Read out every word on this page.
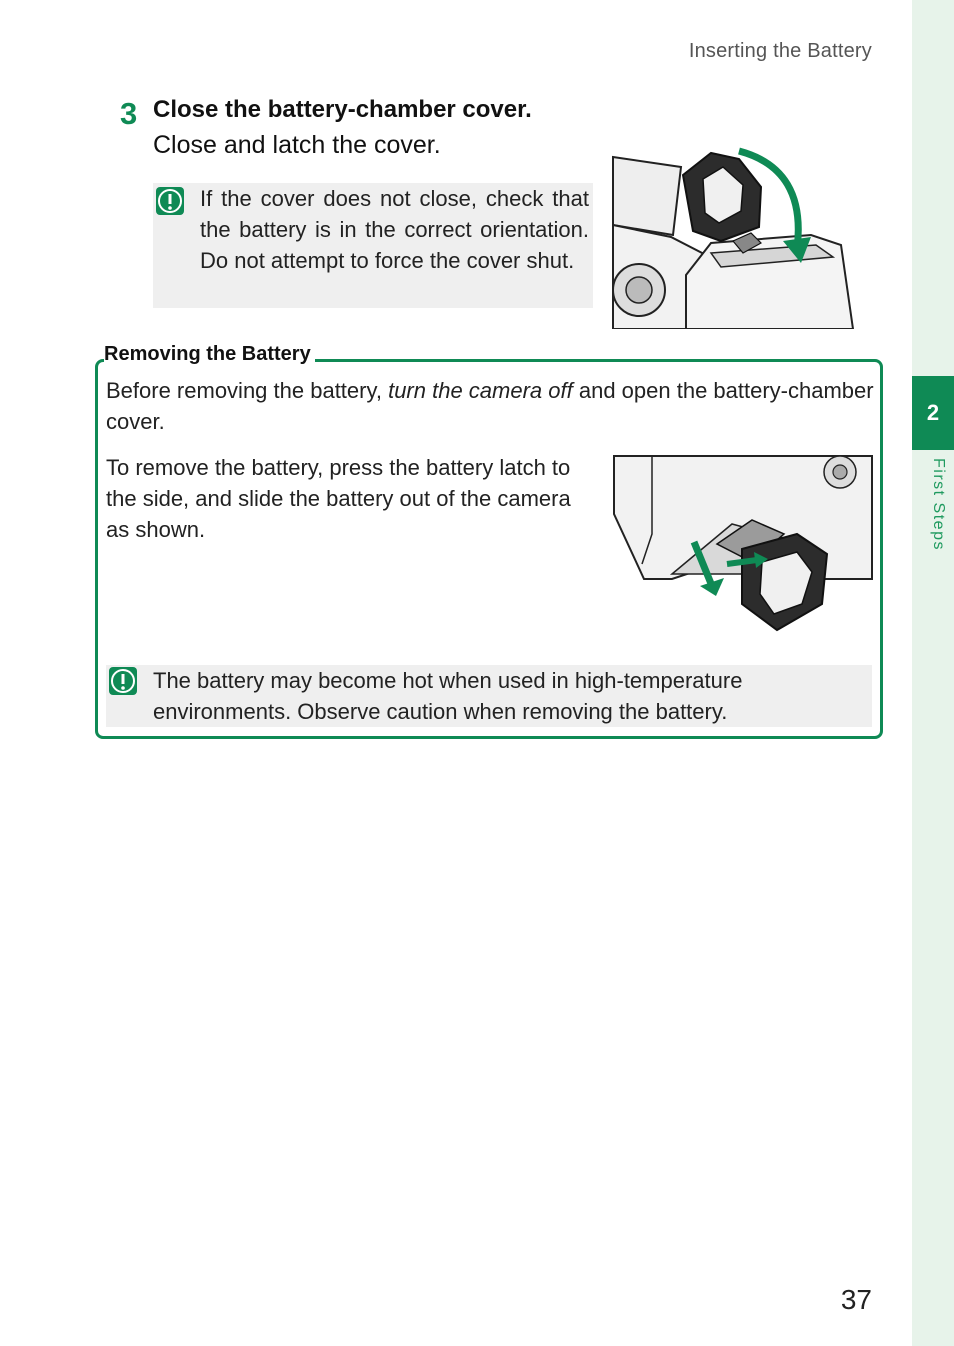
Inserting the Battery
2
First Steps
3 Close the battery-chamber cover.
Close and latch the cover.
If the cover does not close, check that the battery is in the correct orientation. Do not attempt to force the cover shut.
Removing the Battery
Before removing the battery, turn the camera off and open the battery-chamber cover.
To remove the battery, press the battery latch to the side, and slide the battery out of the camera as shown.
The battery may become hot when used in high-temperature environments. Observe caution when removing the battery.
37
